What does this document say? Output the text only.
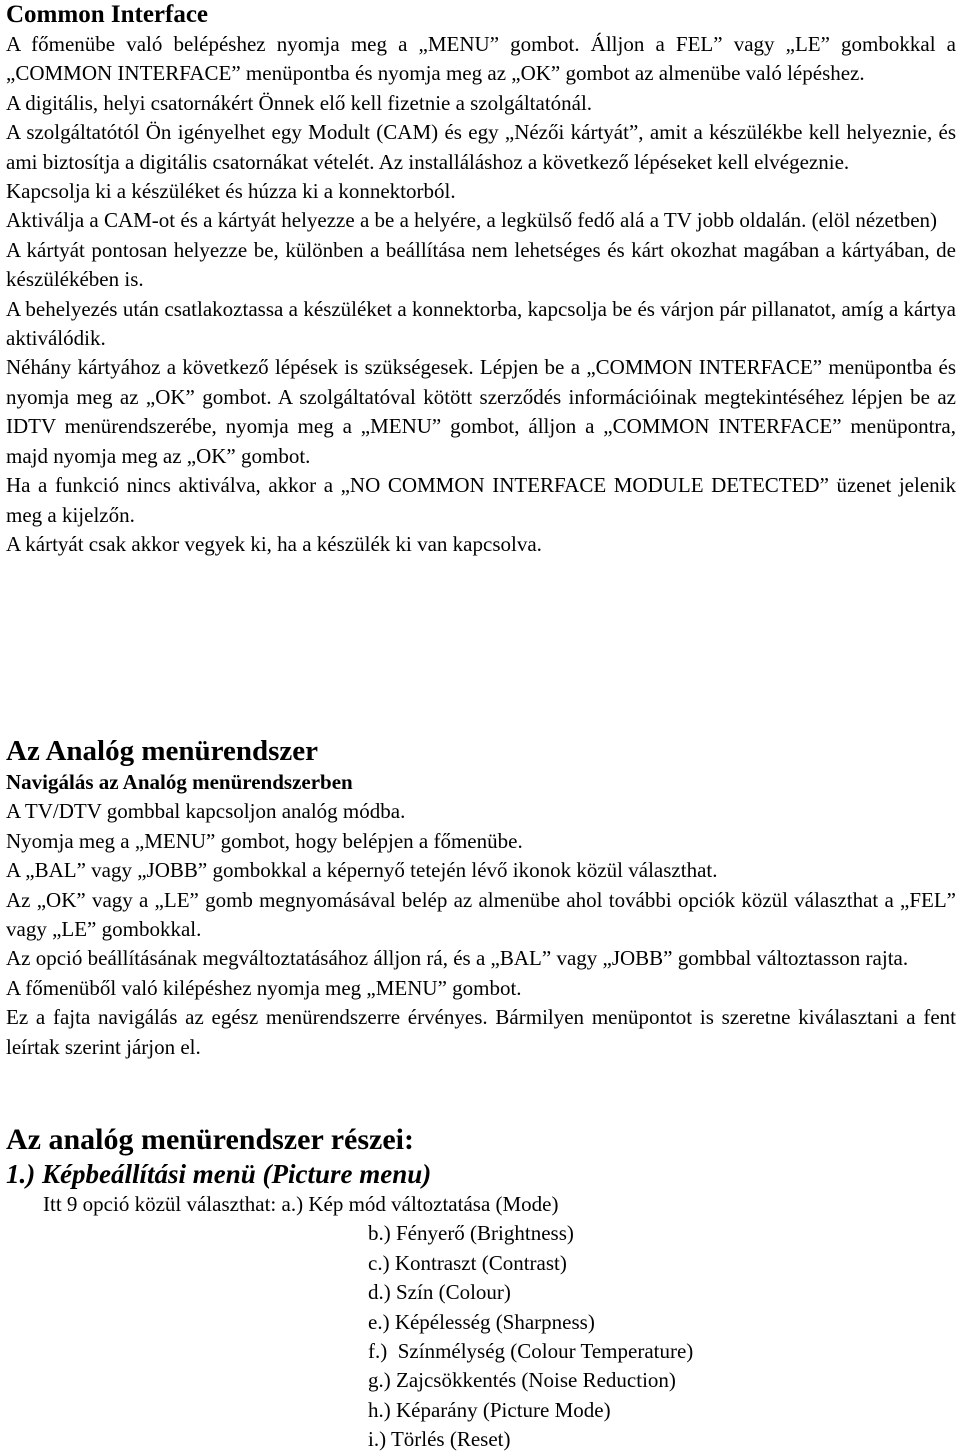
Common Interface

A főmenübe való belépéshez nyomja meg a „MENU” gombot. Álljon a FEL” vagy „LE” gombokkal a „COMMON INTERFACE” menüpontba és nyomja meg az „OK” gombot az almenübe való lépéshez.

A digitális, helyi csatornákért Önnek elő kell fizetnie a szolgáltatónál.

A szolgáltatótól Ön igényelhet egy Modult (CAM) és egy „Nézői kártyát”, amit a készülékbe kell helyeznie, és ami biztosítja a digitális csatornákat vételét. Az installáláshoz a következő lépéseket kell elvégeznie.

Kapcsolja ki a készüléket és húzza ki a konnektorból.

Aktiválja a CAM-ot és a kártyát helyezze a be a helyére, a legkülső fedő alá a TV jobb oldalán. (elöl nézetben)

A kártyát pontosan helyezze be, különben a beállítása nem lehetséges és kárt okozhat magában a kártyában, de készülékében is.

A behelyezés után csatlakoztassa a készüléket a konnektorba, kapcsolja be és várjon pár pillanatot, amíg a kártya aktiválódik.

Néhány kártyához a következő lépések is szükségesek. Lépjen be a „COMMON INTERFACE” menüpontba és nyomja meg az „OK” gombot. A szolgáltatóval kötött szerződés információinak megtekintéséhez lépjen be az IDTV menürendszerébe, nyomja meg a „MENU” gombot, álljon a „COMMON INTERFACE” menüpontra, majd nyomja meg az „OK” gombot.

Ha a funkció nincs aktiválva, akkor a „NO COMMON INTERFACE MODULE DETECTED” üzenet jelenik meg a kijelzőn.

A kártyát csak akkor vegyek ki, ha a készülék ki van kapcsolva.

Az Analóg menürendszer
Navigálás az Analóg menürendszerben

A TV/DTV gombbal kapcsoljon analóg módba.

Nyomja meg a „MENU” gombot, hogy belépjen a főmenübe.

A „BAL” vagy „JOBB” gombokkal a képernyő tetején lévő ikonok közül választhat.

Az „OK” vagy a „LE” gomb megnyomásával belép az almenübe ahol további opciók közül választhat a „FEL” vagy „LE” gombokkal.

Az opció beállításának megváltoztatásához álljon rá, és a „BAL” vagy „JOBB” gombbal változtasson rajta.

A főmenüből való kilépéshez nyomja meg „MENU” gombot.

Ez a fajta navigálás az egész menürendszerre érvényes. Bármilyen menüpontot is szeretne kiválasztani a fent leírtak szerint járjon el.

Az analóg menürendszer részei:
1.) Képbeállítási menü (Picture menu)

Itt 9 opció közül választhat: a.) Kép mód változtatása (Mode)

b.) Fényerő (Brightness)

c.) Kontraszt (Contrast)

d.) Szín (Colour)

e.) Képélesség (Sharpness)

f.)  Színmélység (Colour Temperature)

g.) Zajcsökkentés (Noise Reduction)

h.) Képarány (Picture Mode)

i.) Törlés (Reset)
